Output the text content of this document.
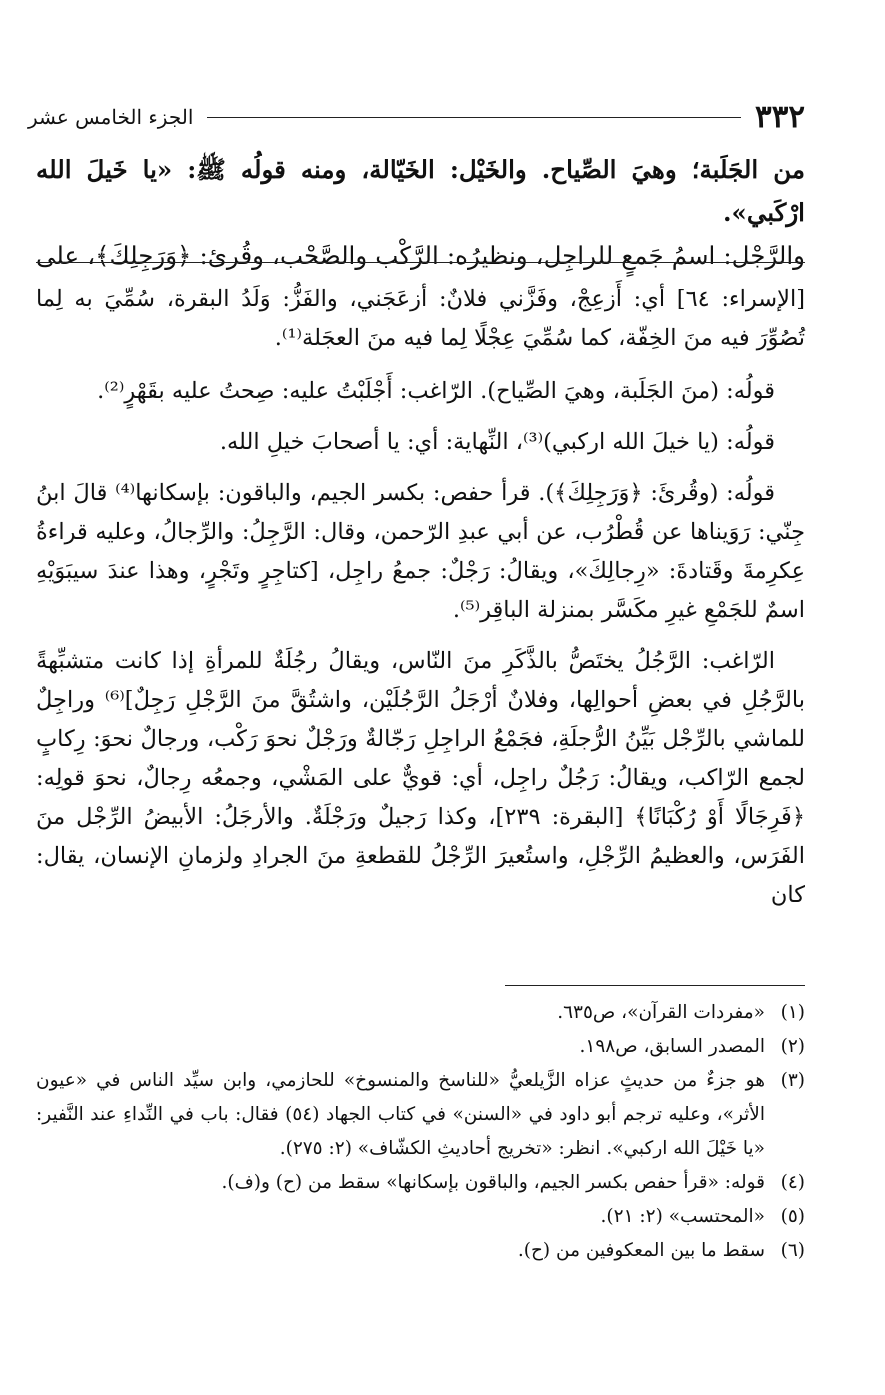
٣٣٢
الجزء الخامس عشر

من الجَلَبة؛ وهيَ الصِّياح. والخَيْل: الخَيّالة، ومنه قولُه ﷺ: «يا خَيلَ الله ارْكَبي».

والرَّجْل: اسمُ جَمعٍ للراجِل، ونظيرُه: الرَّكْب والصَّحْب، وقُرئ: ﴿وَرَجِلِكَ﴾، على

[الإسراء: ٦٤] أي: أَزعِجْ، وفَزَّني فلانٌ: أزعَجَني، والفَزُّ: وَلَدُ البقرة، سُمِّيَ به لِما تُصُوِّرَ فيه منَ الخِفّة، كما سُمِّيَ عِجْلًا لِما فيه منَ العجَلة⁽¹⁾.

قولُه: (منَ الجَلَبة، وهيَ الصِّياح). الرّاغب: أَجْلَبْتُ عليه: صِحتُ عليه بقَهْرٍ⁽²⁾.

قولُه: (يا خيلَ الله اركبي)⁽³⁾، النِّهاية: أي: يا أصحابَ خيلِ الله.

قولُه: (وقُرئَ: ﴿وَرَجِلِكَ﴾). قرأ حفص: بكسر الجيم، والباقون: بإسكانها⁽⁴⁾ قالَ ابنُ جِنّي: رَوَيناها عن قُطْرُب، عن أبي عبدِ الرّحمن، وقال: الرَّجِلُ: والرِّجالُ، وعليه قراءةُ عِكرِمةَ وقَتادةَ: «رِجالِكَ»، ويقالُ: رَجْلٌ: جمعُ راجِل، [كتاجِرٍ وتَجْرٍ، وهذا عندَ سيبَوَيْهِ اسمٌ للجَمْعِ غيرِ مكَسَّر بمنزلة الباقِر⁽⁵⁾.

الرّاغب: الرَّجُلُ يختَصُّ بالذَّكَرِ منَ النّاس، ويقالُ رجُلَةٌ للمرأةِ إذا كانت متشبِّهةً بالرَّجُلِ في بعضِ أحوالِها، وفلانٌ أرْجَلُ الرَّجُلَيْن، واشتُقَّ منَ الرَّجْلِ رَجِلٌ]⁽⁶⁾ وراجِلٌ للماشي بالرِّجْل بَيِّنُ الرُّجلَةِ، فجَمْعُ الراجِلِ رَجّالةٌ ورَجْلٌ نحوَ رَكْب، ورجالٌ نحوَ: رِكابٍ لجمع الرّاكب، ويقالُ: رَجُلٌ راجِل، أي: قويٌّ على المَشْي، وجمعُه رِجالٌ، نحوَ قولِه: ﴿فَرِجَالًا أَوْ رُكْبَانًا﴾ [البقرة: ٢٣٩]، وكذا رَجيلٌ ورَجْلَةٌ. والأرجَلُ: الأبيضُ الرِّجْل منَ الفَرَس، والعظيمُ الرِّجْلِ، واستُعيرَ الرِّجْلُ للقطعةِ منَ الجرادِ ولزمانِ الإنسان، يقال: كان

(١)
«مفردات القرآن»، ص٦٣٥.
(٢)
المصدر السابق، ص١٩٨.
(٣)
هو جزءٌ من حديثٍ عزاه الزَّيلعيُّ «للناسخ والمنسوخ» للحازمي، وابن سيِّد الناس في «عيون الأثر»، وعليه ترجم أبو داود في «السنن» في كتاب الجهاد (٥٤) فقال: باب في النِّداءِ عند النَّفير: «يا خَيْلَ الله اركبي». انظر: «تخريج أحاديثِ الكشّاف» (٢: ٢٧٥).
(٤)
قوله: «قرأ حفص بكسر الجيم، والباقون بإسكانها» سقط من (ح) و(ف).
(٥)
«المحتسب» (٢: ٢١).
(٦)
سقط ما بين المعكوفين من (ح).
